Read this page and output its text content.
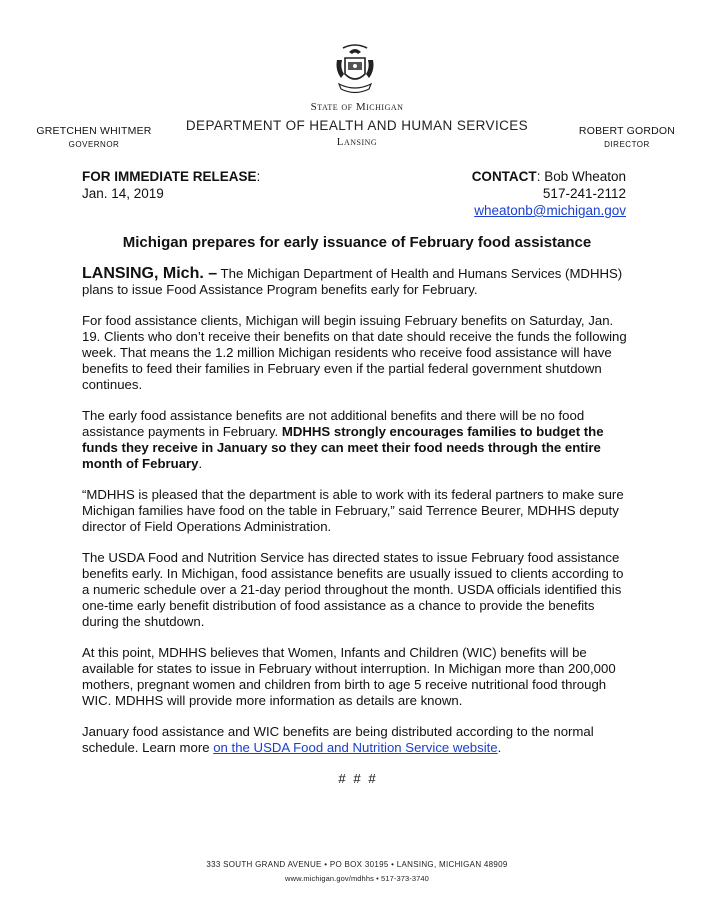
State of Michigan
DEPARTMENT OF HEALTH AND HUMAN SERVICES
Lansing
GRETCHEN WHITMER
GOVERNOR
ROBERT GORDON
DIRECTOR
FOR IMMEDIATE RELEASE:
Jan. 14, 2019
CONTACT: Bob Wheaton
517-241-2112
wheatonb@michigan.gov
Michigan prepares for early issuance of February food assistance

LANSING, Mich. – The Michigan Department of Health and Humans Services (MDHHS) plans to issue Food Assistance Program benefits early for February.

For food assistance clients, Michigan will begin issuing February benefits on Saturday, Jan. 19. Clients who don’t receive their benefits on that date should receive the funds the following week. That means the 1.2 million Michigan residents who receive food assistance will have benefits to feed their families in February even if the partial federal government shutdown continues.

The early food assistance benefits are not additional benefits and there will be no food assistance payments in February. MDHHS strongly encourages families to budget the funds they receive in January so they can meet their food needs through the entire month of February.

“MDHHS is pleased that the department is able to work with its federal partners to make sure Michigan families have food on the table in February,” said Terrence Beurer, MDHHS deputy director of Field Operations Administration.

The USDA Food and Nutrition Service has directed states to issue February food assistance benefits early. In Michigan, food assistance benefits are usually issued to clients according to a numeric schedule over a 21-day period throughout the month. USDA officials identified this one-time early benefit distribution of food assistance as a chance to provide the benefits during the shutdown.

At this point, MDHHS believes that Women, Infants and Children (WIC) benefits will be available for states to issue in February without interruption. In Michigan more than 200,000 mothers, pregnant women and children from birth to age 5 receive nutritional food through WIC. MDHHS will provide more information as details are known.

January food assistance and WIC benefits are being distributed according to the normal schedule. Learn more on the USDA Food and Nutrition Service website.

# # #
333 SOUTH GRAND AVENUE • PO BOX 30195 • LANSING, MICHIGAN 48909
www.michigan.gov/mdhhs • 517-373-3740
